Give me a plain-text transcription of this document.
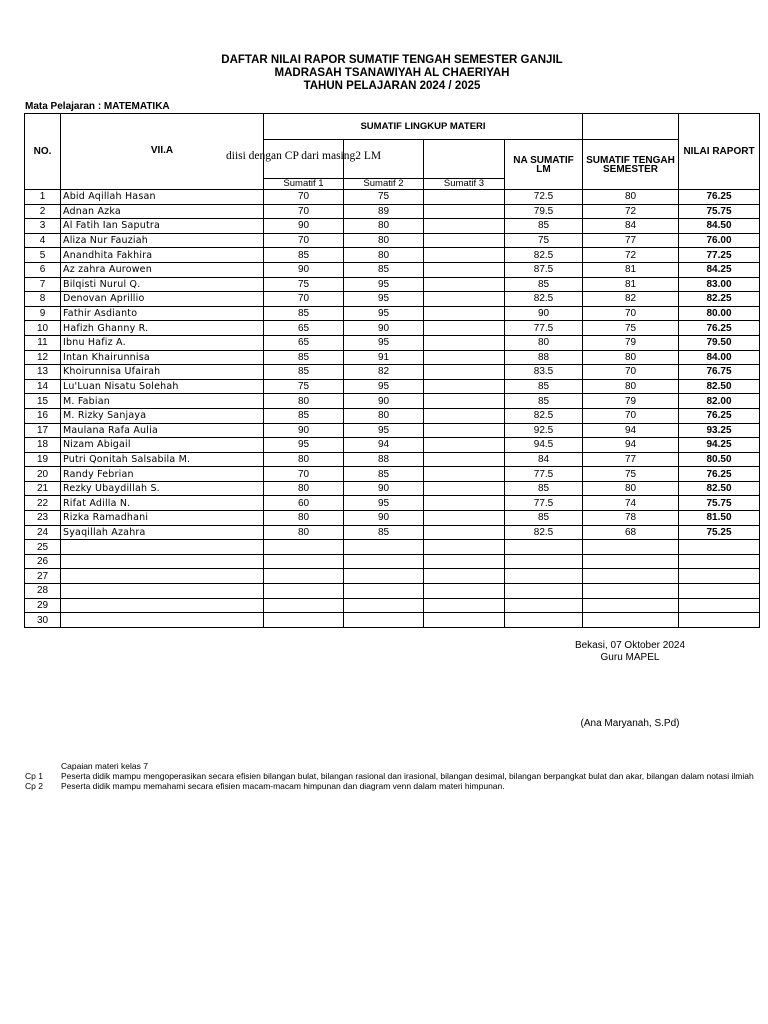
DAFTAR NILAI RAPOR SUMATIF TENGAH SEMESTER GANJIL
MADRASAH TSANAWIYAH AL CHAERIYAH
TAHUN PELAJARAN 2024 / 2025
Mata Pelajaran : MATEMATIKA
NO.	VII.A	SUMATIF LINGKUP MATERI					NILAI RAPORT
					NA SUMATIF LM	SUMATIF TENGAH SEMESTER	
		Sumatif 1	Sumatif 2	Sumatif 3			
1	Abid Aqillah Hasan	70	75		72.5	80	76.25
2	Adnan Azka	70	89		79.5	72	75.75
3	Al Fatih Ian Saputra	90	80		85	84	84.50
4	Aliza Nur Fauziah	70	80		75	77	76.00
5	Anandhita Fakhira	85	80		82.5	72	77.25
6	Az zahra Aurowen	90	85		87.5	81	84.25
7	Bilqisti Nurul Q.	75	95		85	81	83.00
8	Denovan Aprillio	70	95		82.5	82	82.25
9	Fathir Asdianto	85	95		90	70	80.00
10	Hafizh Ghanny R.	65	90		77.5	75	76.25
11	Ibnu Hafiz A.	65	95		80	79	79.50
12	Intan Khairunnisa	85	91		88	80	84.00
13	Khoirunnisa Ufairah	85	82		83.5	70	76.75
14	Lu'Luan Nisatu Solehah	75	95		85	80	82.50
15	M. Fabian	80	90		85	79	82.00
16	M. Rizky Sanjaya	85	80		82.5	70	76.25
17	Maulana Rafa Aulia	90	95		92.5	94	93.25
18	Nizam Abigail	95	94		94.5	94	94.25
19	Putri Qonitah Salsabila M.	80	88		84	77	80.50
20	Randy Febrian	70	85		77.5	75	76.25
21	Rezky Ubaydillah S.	80	90		85	80	82.50
22	Rifat Adilla N.	60	95		77.5	74	75.75
23	Rizka Ramadhani	80	90		85	78	81.50
24	Syaqillah Azahra	80	85		82.5	68	75.25
25							
26							
27							
28							
29							
30							
diisi dengan CP dari masing2 LM
Bekasi, 07 Oktober 2024
Guru MAPEL
(Ana Maryanah, S.Pd)
Capaian materi kelas 7
Cp 1 Peserta didik mampu mengoperasikan secara efisien bilangan bulat, bilangan rasional dan irasional, bilangan desimal, bilangan berpangkat bulat dan akar, bilangan dalam notasi ilmiah
Cp 2 Peserta didik mampu memahami secara efisien macam-macam himpunan dan diagram venn dalam materi himpunan.
